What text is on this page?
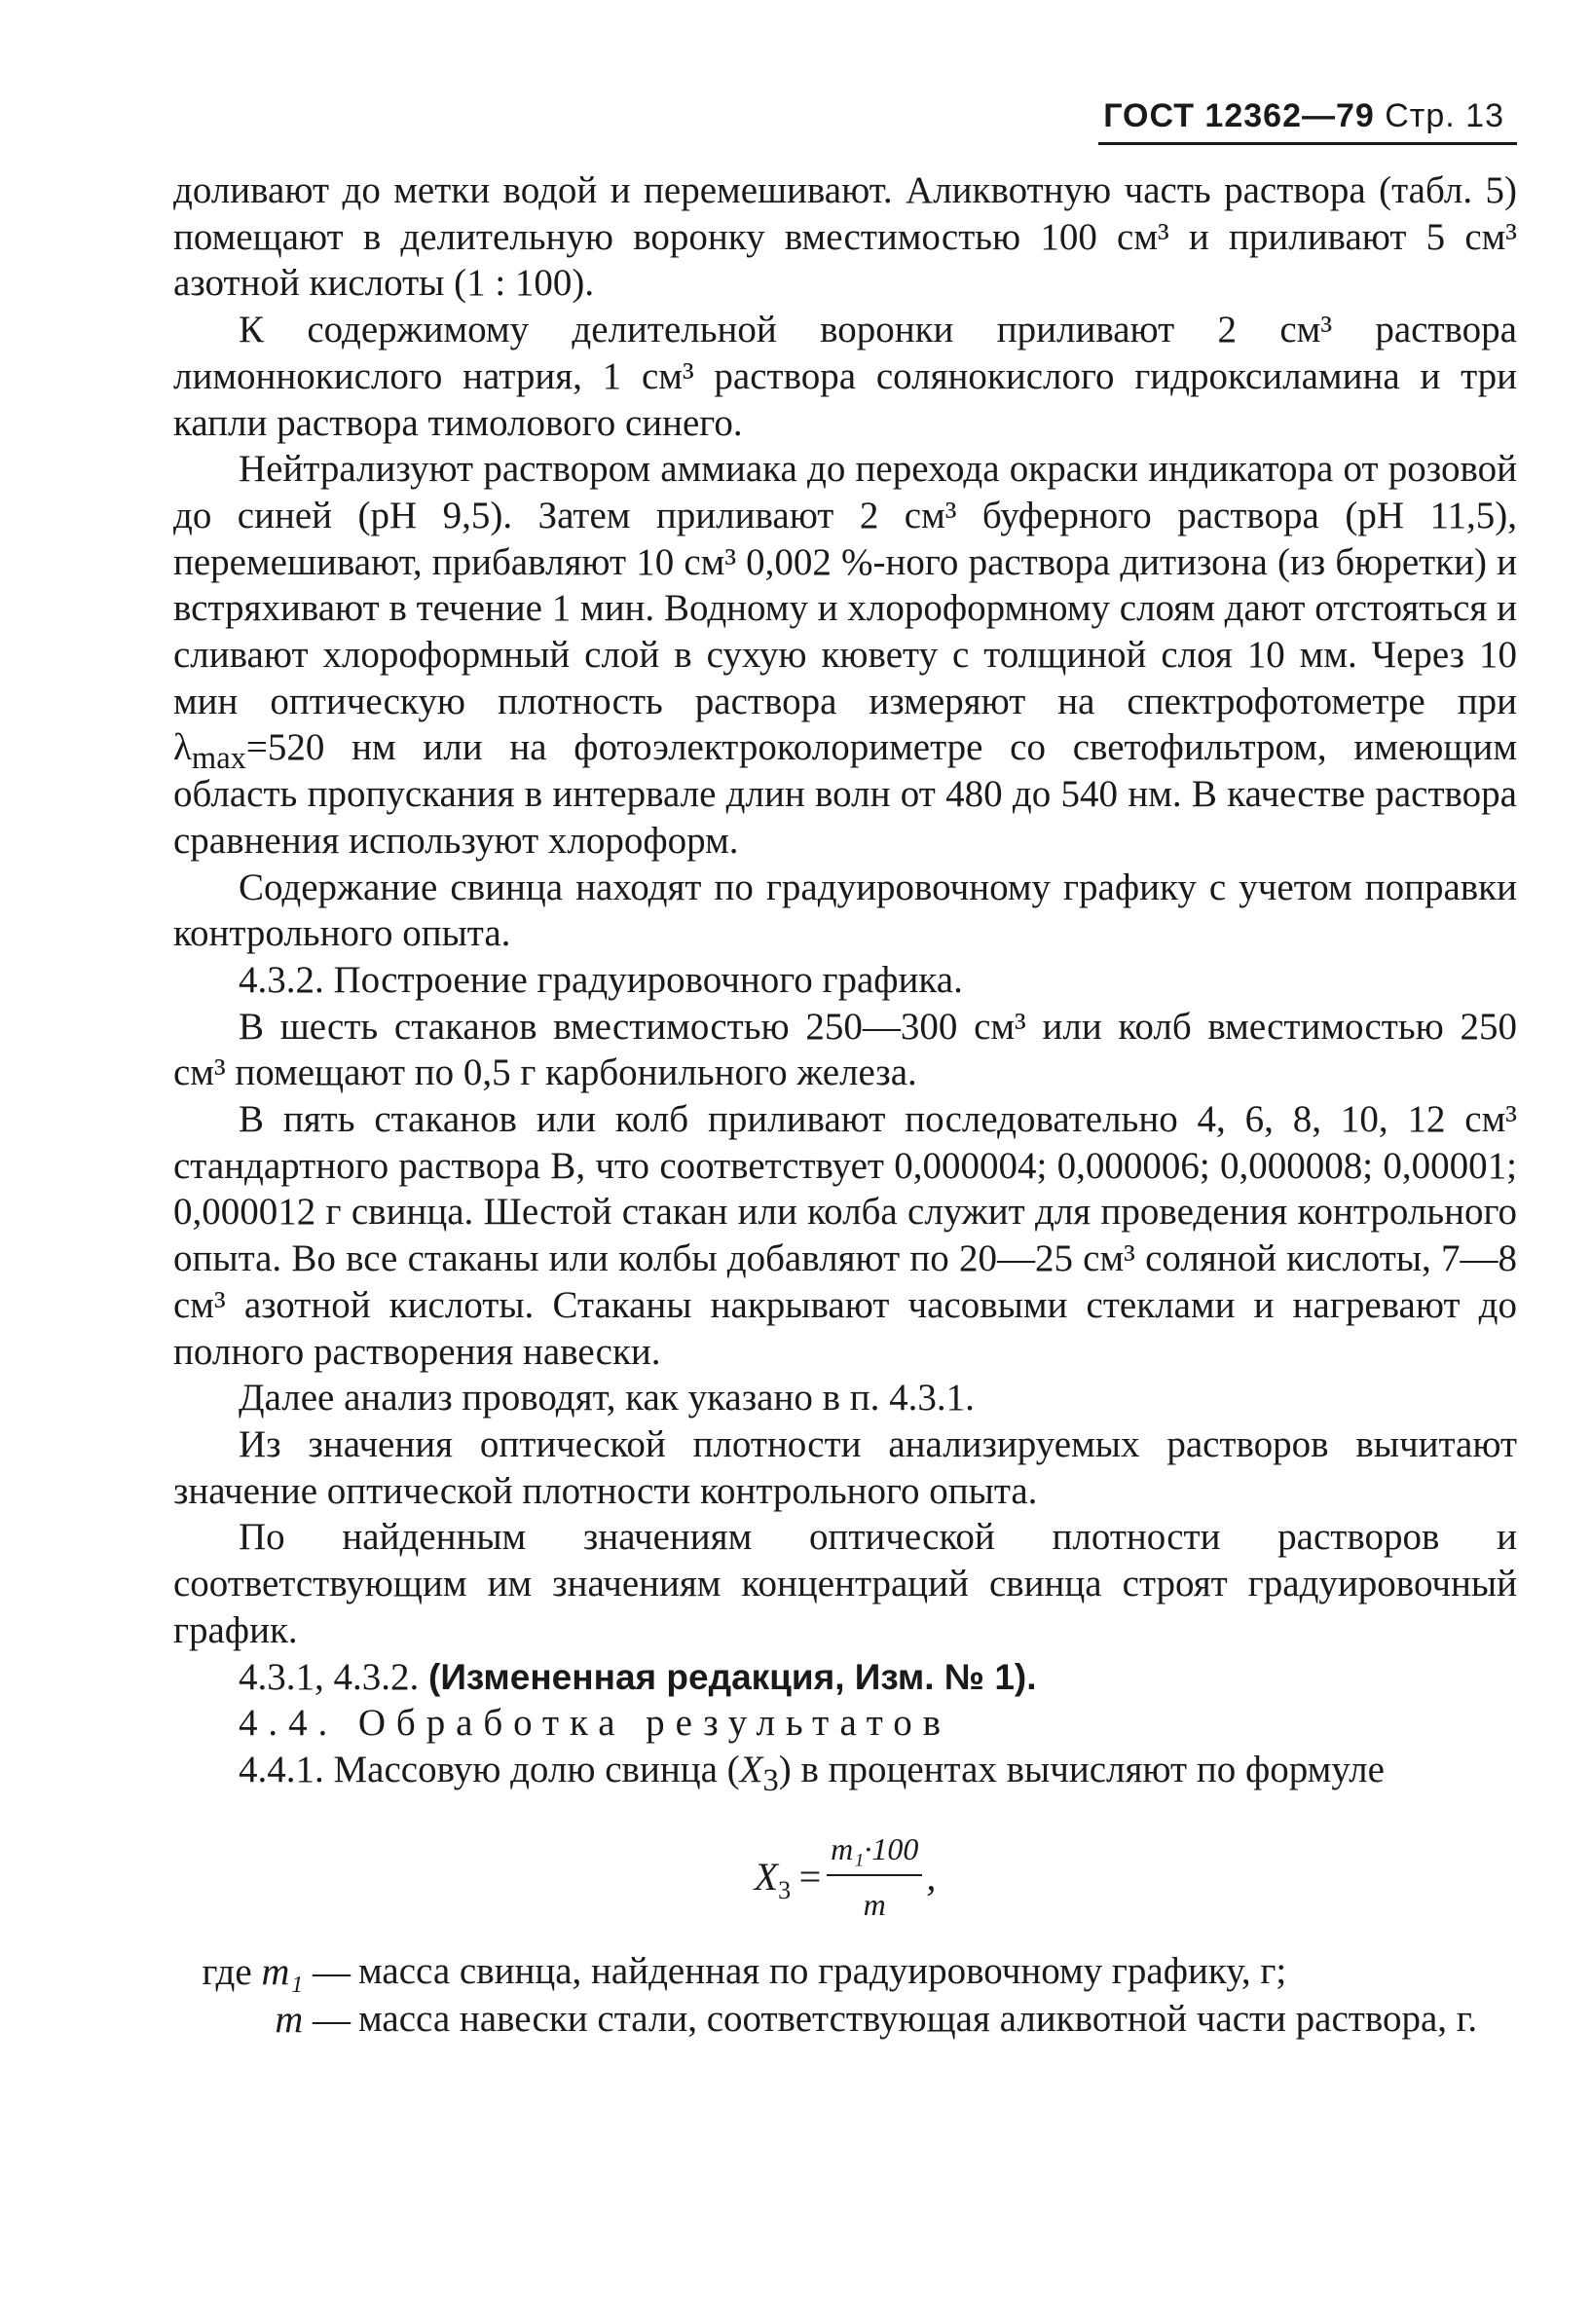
ГОСТ 12362—79 Стр. 13

доливают до метки водой и перемешивают. Аликвотную часть раствора (табл. 5) помещают в делительную воронку вместимостью 100 см³ и приливают 5 см³ азотной кислоты (1 : 100).

К содержимому делительной воронки приливают 2 см³ раствора лимоннокислого натрия, 1 см³ раствора солянокислого гидроксиламина и три капли раствора тимолового синего.

Нейтрализуют раствором аммиака до перехода окраски индикатора от розовой до синей (pH 9,5). Затем приливают 2 см³ буферного раствора (pH 11,5), перемешивают, прибавляют 10 см³ 0,002 %-ного раствора дитизона (из бюретки) и встряхивают в течение 1 мин. Водному и хлороформному слоям дают отстояться и сливают хлороформный слой в сухую кювету с толщиной слоя 10 мм. Через 10 мин оптическую плотность раствора измеряют на спектрофотометре при $\lambda_{max}=520$ нм или на фотоэлектроколориметре со светофильтром, имеющим область пропускания в интервале длин волн от 480 до 540 нм. В качестве раствора сравнения используют хлороформ.

Содержание свинца находят по градуировочному графику с учетом поправки контрольного опыта.

4.3.2. Построение градуировочного графика.

В шесть стаканов вместимостью 250—300 см³ или колб вместимостью 250 см³ помещают по 0,5 г карбонильного железа.

В пять стаканов или колб приливают последовательно 4, 6, 8, 10, 12 см³ стандартного раствора В, что соответствует 0,000004; 0,000006; 0,000008; 0,00001; 0,000012 г свинца. Шестой стакан или колба служит для проведения контрольного опыта. Во все стаканы или колбы добавляют по 20—25 см³ соляной кислоты, 7—8 см³ азотной кислоты. Стаканы накрывают часовыми стеклами и нагревают до полного растворения навески.

Далее анализ проводят, как указано в п. 4.3.1.

Из значения оптической плотности анализируемых растворов вычитают значение оптической плотности контрольного опыта.

По найденным значениям оптической плотности растворов и соответствующим им значениям концентраций свинца строят градуировочный график.

4.3.1, 4.3.2. (Измененная редакция, Изм. № 1).

4.4. Обработка результатов

4.4.1. Массовую долю свинца $(X_3)$ в процентах вычисляют по формуле

$X_3 = \frac{\text{m₁·100}}{m}$ ,
где m₁ — масса свинца, найденная по градуировочному графику, г;
m — масса навески стали, соответствующая аликвотной части раствора, г.
